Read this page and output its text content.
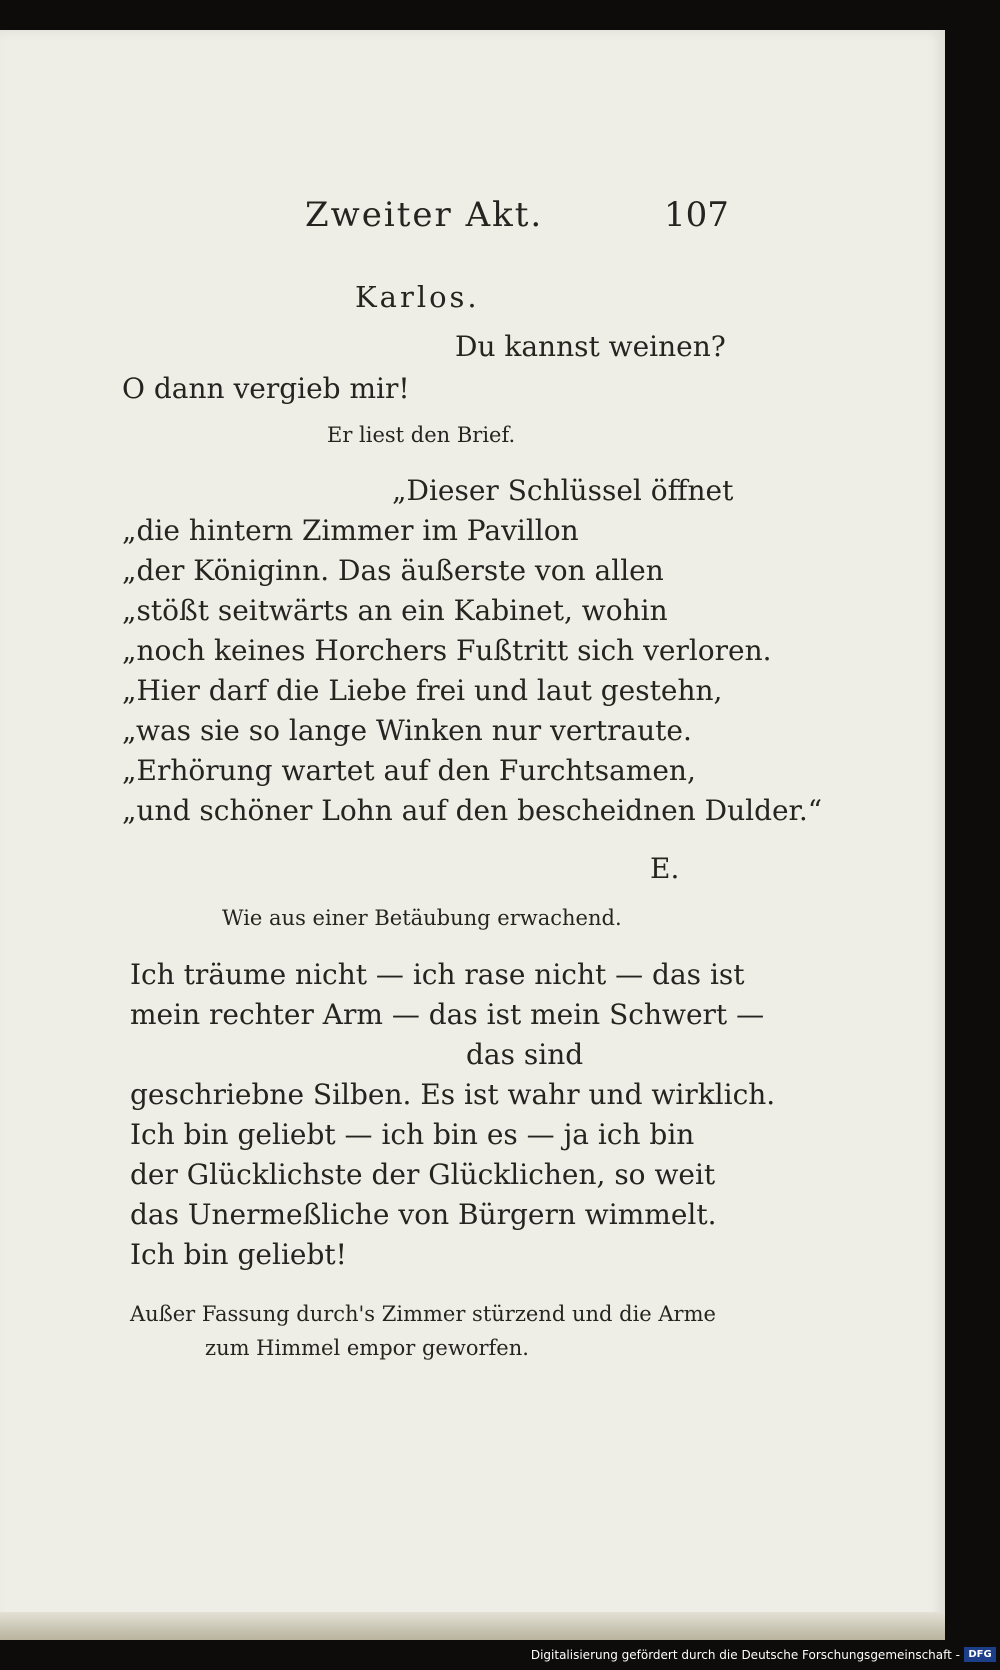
Zweiter Akt.	107
Karlos.
Du kannst weinen?
O dann vergieb mir!
Er liest den Brief.
„Dieser Schlüssel öffnet
„die hintern Zimmer im Pavillon
„der Königinn. Das äußerste von allen
„stößt seitwärts an ein Kabinet, wohin
„noch keines Horchers Fußtritt sich verloren.
„Hier darf die Liebe frei und laut gestehn,
„was sie so lange Winken nur vertraute.
„Erhörung wartet auf den Furchtsamen,
„und schöner Lohn auf den bescheidnen Dulder.“
E.
Wie aus einer Betäubung erwachend.
Ich träume nicht — ich rase nicht — das ist
mein rechter Arm — das ist mein Schwert —
das sind
geschriebne Silben. Es ist wahr und wirklich.
Ich bin geliebt — ich bin es — ja ich bin
der Glücklichste der Glücklichen, so weit
das Unermeßliche von Bürgern wimmelt.
Ich bin geliebt!
Außer Fassung durch's Zimmer stürzend und die Arme
zum Himmel empor geworfen.
Digitalisierung gefördert durch die Deutsche Forschungsgemeinschaft - DFG
